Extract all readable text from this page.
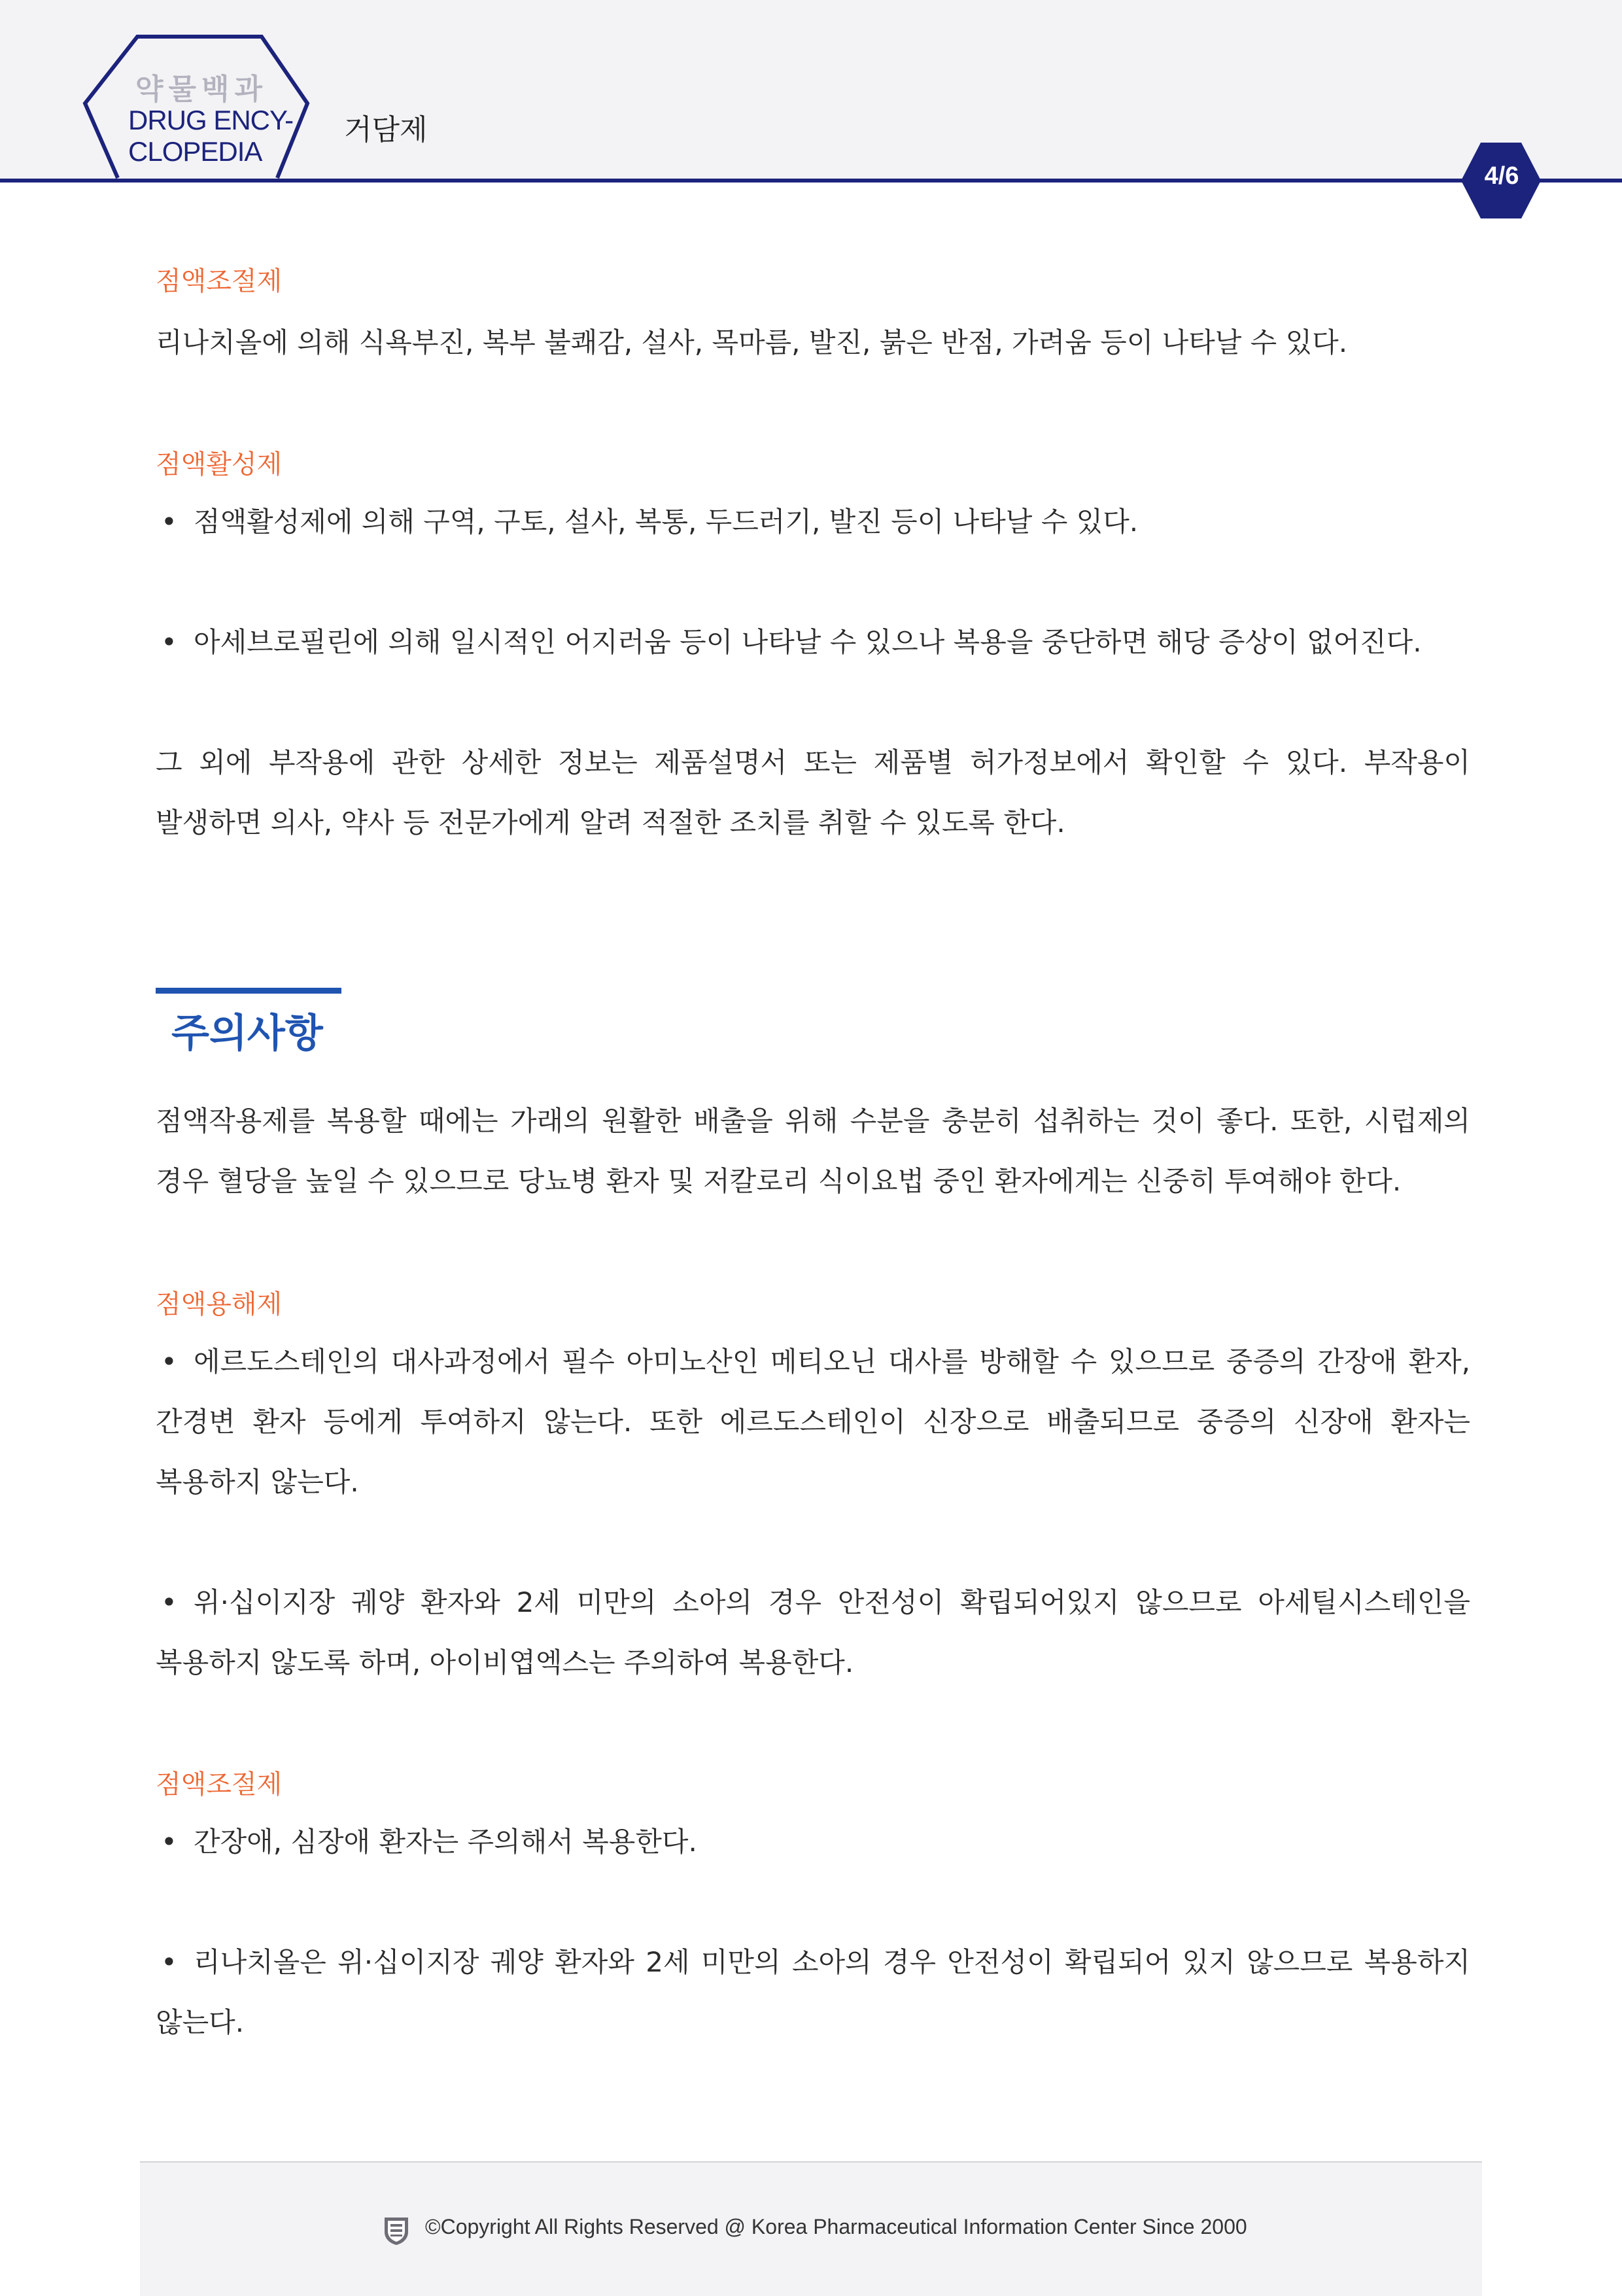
약물백과
DRUG ENCY-
CLOPEDIA
거담제
4/6
점액조절제
리나치올에 의해 식욕부진, 복부 불쾌감, 설사, 목마름, 발진, 붉은 반점, 가려움 등이 나타날 수 있다.
점액활성제
• 점액활성제에 의해 구역, 구토, 설사, 복통, 두드러기, 발진 등이 나타날 수 있다.
• 아세브로필린에 의해 일시적인 어지러움 등이 나타날 수 있으나 복용을 중단하면 해당 증상이 없어진다.
그 외에 부작용에 관한 상세한 정보는 제품설명서 또는 제품별 허가정보에서 확인할 수 있다. 부작용이 발생하면 의사, 약사 등 전문가에게 알려 적절한 조치를 취할 수 있도록 한다.
주의사항
점액작용제를 복용할 때에는 가래의 원활한 배출을 위해 수분을 충분히 섭취하는 것이 좋다. 또한, 시럽제의 경우 혈당을 높일 수 있으므로 당뇨병 환자 및 저칼로리 식이요법 중인 환자에게는 신중히 투여해야 한다.
점액용해제
• 에르도스테인의 대사과정에서 필수 아미노산인 메티오닌 대사를 방해할 수 있으므로 중증의 간장애 환자, 간경변 환자 등에게 투여하지 않는다. 또한 에르도스테인이 신장으로 배출되므로 중증의 신장애 환자는 복용하지 않는다.
• 위·십이지장 궤양 환자와 2세 미만의 소아의 경우 안전성이 확립되어있지 않으므로 아세틸시스테인을 복용하지 않도록 하며, 아이비엽엑스는 주의하여 복용한다.
점액조절제
• 간장애, 심장애 환자는 주의해서 복용한다.
• 리나치올은 위·십이지장 궤양 환자와 2세 미만의 소아의 경우 안전성이 확립되어 있지 않으므로 복용하지 않는다.
©Copyright All Rights Reserved @ Korea Pharmaceutical Information Center Since 2000
